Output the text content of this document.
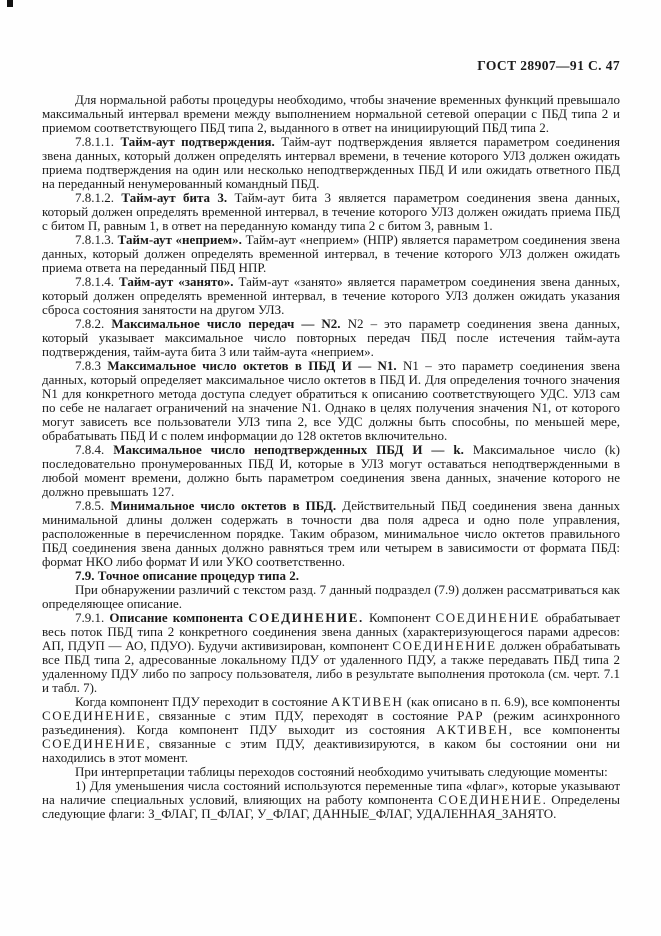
ГОСТ 28907—91 С. 47

Для нормальной работы процедуры необходимо, чтобы значение временных функций превышало максимальный интервал времени между выполнением нормальной сетевой операции с ПБД типа 2 и приемом соответствующего ПБД типа 2, выданного в ответ на инициирующий ПБД типа 2.

7.8.1.1. Тайм-аут подтверждения. Тайм-аут подтверждения является параметром соединения звена данных, который должен определять интервал времени, в течение которого УЛЗ должен ожидать приема подтверждения на один или несколько неподтвержденных ПБД И или ожидать ответного ПБД на переданный ненумерованный командный ПБД.

7.8.1.2. Тайм-аут бита 3. Тайм-аут бита 3 является параметром соединения звена данных, который должен определять временной интервал, в течение которого УЛЗ должен ожидать приема ПБД с битом П, равным 1, в ответ на переданную команду типа 2 с битом 3, равным 1.

7.8.1.3. Тайм-аут «неприем». Тайм-аут «неприем» (НПР) является параметром соединения звена данных, который должен определять временной интервал, в течение которого УЛЗ должен ожидать приема ответа на переданный ПБД НПР.

7.8.1.4. Тайм-аут «занято». Тайм-аут «занято» является параметром соединения звена данных, который должен определять временной интервал, в течение которого УЛЗ должен ожидать указания сброса состояния занятости на другом УЛЗ.

7.8.2. Максимальное число передач — N2. N2 – это параметр соединения звена данных, который указывает максимальное число повторных передач ПБД после истечения тайм-аута подтверждения, тайм-аута бита 3 или тайм-аута «неприем».

7.8.3 Максимальное число октетов в ПБД И — N1. N1 – это параметр соединения звена данных, который определяет максимальное число октетов в ПБД И. Для определения точного значения N1 для конкретного метода доступа следует обратиться к описанию соответствующего УДС. УЛЗ сам по себе не налагает ограничений на значение N1. Однако в целях получения значения N1, от которого могут зависеть все пользователи УЛЗ типа 2, все УДС должны быть способны, по меньшей мере, обрабатывать ПБД И с полем информации до 128 октетов включительно.

7.8.4. Максимальное число неподтвержденных ПБД И — k. Максимальное число (k) последовательно пронумерованных ПБД И, которые в УЛЗ могут оставаться неподтвержденными в любой момент времени, должно быть параметром соединения звена данных, значение которого не должно превышать 127.

7.8.5. Минимальное число октетов в ПБД. Действительный ПБД соединения звена данных минимальной длины должен содержать в точности два поля адреса и одно поле управления, расположенные в перечисленном порядке. Таким образом, минимальное число октетов правильного ПБД соединения звена данных должно равняться трем или четырем в зависимости от формата ПБД: формат НКО либо формат И или УКО соответственно.

7.9. Точное описание процедур типа 2.

При обнаружении различий с текстом разд. 7 данный подраздел (7.9) должен рассматриваться как определяющее описание.

7.9.1. Описание компонента СОЕДИНЕНИЕ. Компонент СОЕДИНЕНИЕ обрабатывает весь поток ПБД типа 2 конкретного соединения звена данных (характеризующегося парами адресов: АП, ПДУП — АО, ПДУО). Будучи активизирован, компонент СОЕДИНЕНИЕ должен обрабатывать все ПБД типа 2, адресованные локальному ПДУ от удаленного ПДУ, а также передавать ПБД типа 2 удаленному ПДУ либо по запросу пользователя, либо в результате выполнения протокола (см. черт. 7.1 и табл. 7).

Когда компонент ПДУ переходит в состояние АКТИВЕН (как описано в п. 6.9), все компоненты СОЕДИНЕНИЕ, связанные с этим ПДУ, переходят в состояние РАР (режим асинхронного разъединения). Когда компонент ПДУ выходит из состояния АКТИВЕН, все компоненты СОЕДИНЕНИЕ, связанные с этим ПДУ, деактивизируются, в каком бы состоянии они ни находились в этот момент.

При интерпретации таблицы переходов состояний необходимо учитывать следующие моменты:

1) Для уменьшения числа состояний используются переменные типа «флаг», которые указывают на наличие специальных условий, влияющих на работу компонента СОЕДИНЕНИЕ. Определены следующие флаги: З_ФЛАГ, П_ФЛАГ, У_ФЛАГ, ДАННЫЕ_ФЛАГ, УДАЛЕННАЯ_ЗАНЯТО.
